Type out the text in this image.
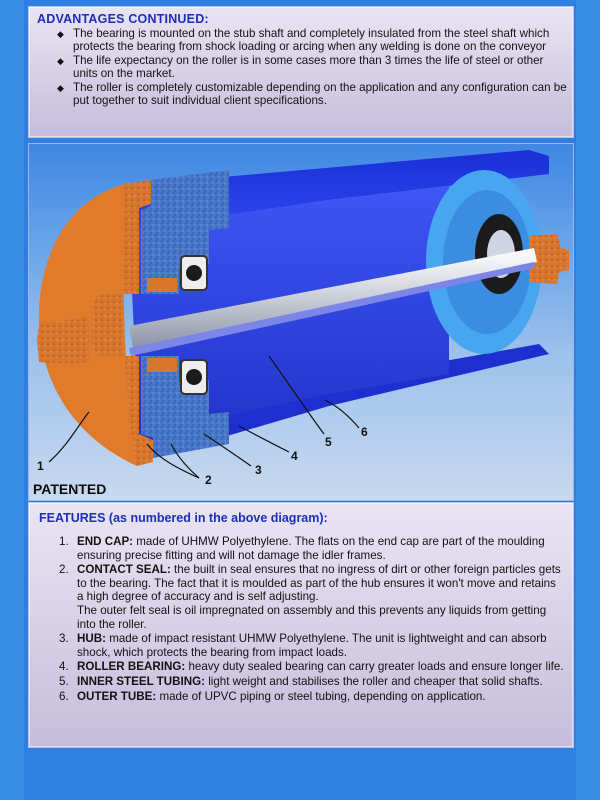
ADVANTAGES CONTINUED:
◆ The bearing is mounted on the stub shaft and completely insulated from the steel shaft which protects the bearing from shock loading or arcing when any welding is done on the conveyor
◆ The life expectancy on the roller is in some cases more than 3 times the life of steel or other units on the market.
◆ The roller is completely customizable depending on the application and any configuration can be put together to suit individual client specifications.
1
2
3
4
5
6
PATENTED
FEATURES (as numbered in the above diagram):
1. END CAP: made of UHMW Polyethylene. The flats on the end cap are part of the moulding ensuring precise fitting and will not damage the idler frames.
2. CONTACT SEAL: the built in seal ensures that no ingress of dirt or other foreign particles gets to the bearing. The fact that it is moulded as part of the hub ensures it won't move and retains a high degree of accuracy and is self adjusting.
The outer felt seal is oil impregnated on assembly and this prevents any liquids from getting into the roller.
3. HUB: made of impact resistant UHMW Polyethylene. The unit is lightweight and can absorb shock, which protects the bearing from impact loads.
4. ROLLER BEARING: heavy duty sealed bearing can carry greater loads and ensure longer life.
5. INNER STEEL TUBING: light weight and stabilises the roller and cheaper that solid shafts.
6. OUTER TUBE: made of UPVC piping or steel tubing, depending on application.
